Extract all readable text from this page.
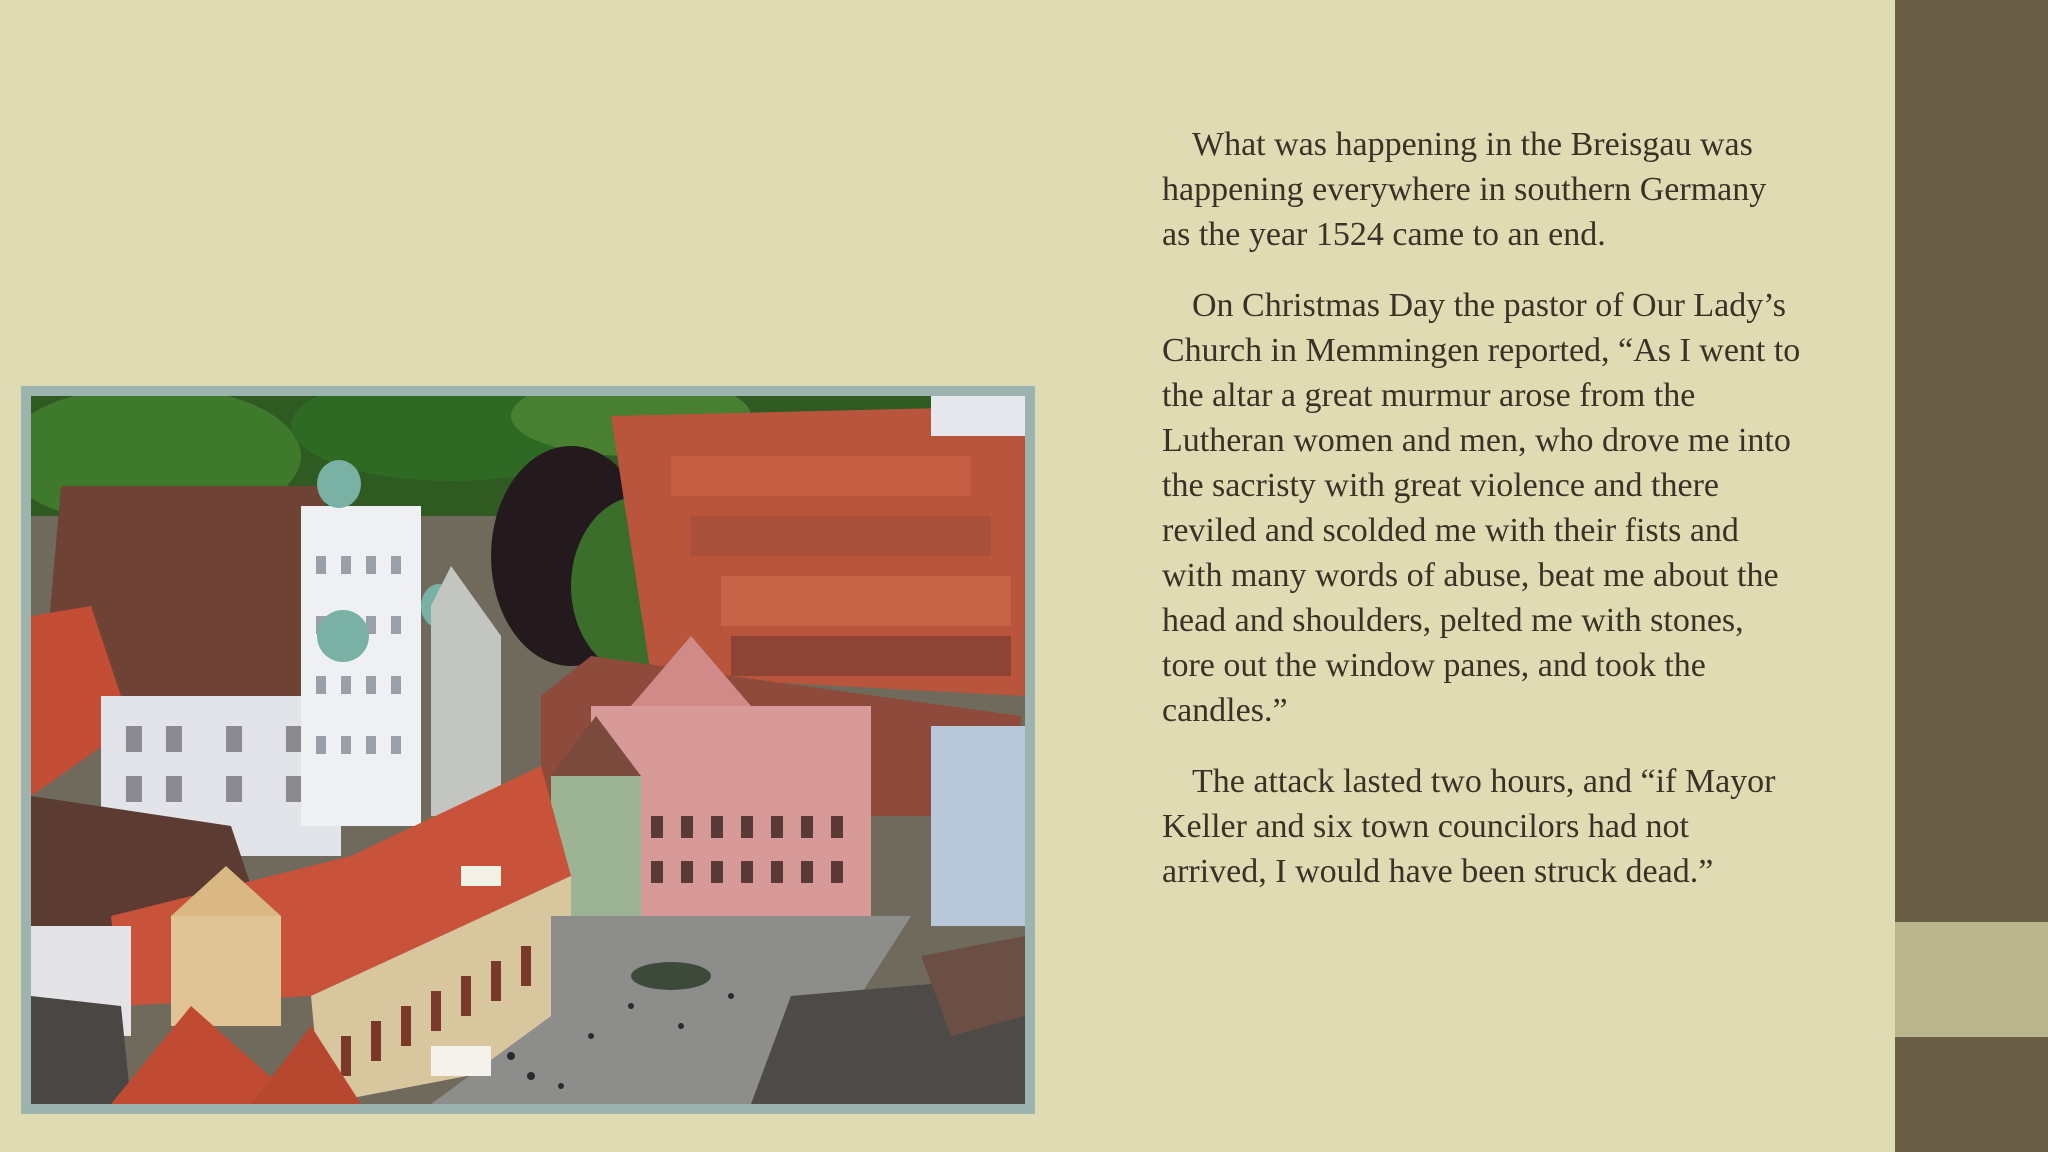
What was happening in the Breisgau was happening everywhere in southern Germany as the year 1524 came to an end.

On Christmas Day the pastor of Our Lady’s Church in Memmingen reported, “As I went to the altar a great murmur arose from the Lutheran women and men, who drove me into the sacristy with great violence and there reviled and scolded me with their fists and with many words of abuse, beat me about the head and shoulders, pelted me with stones, tore out the window panes, and took the candles.”

The attack lasted two hours, and “if Mayor Keller and six town councilors had not arrived, I would have been struck dead.”
